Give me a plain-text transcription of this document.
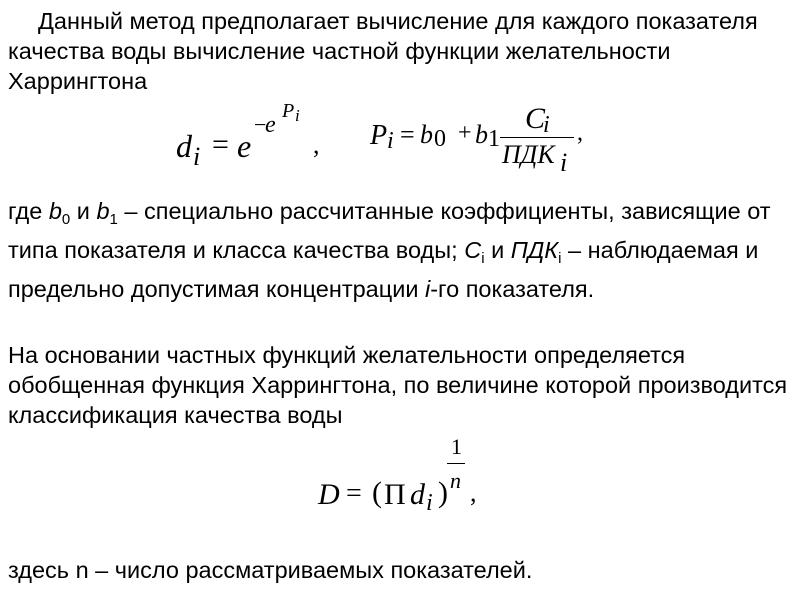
Данный метод предполагает вычисление для каждого показателя качества воды вычисление частной функции желательности Харрингтона

d i = e
−
e
P i
, P i = b 0 + b 1
C
i
ПДК i
,

где $b_0$ и $b_1$ – специально рассчитанные коэффициенты, зависящие от типа показателя и класса качества воды; $C_i$ и $ПДК_i$ – наблюдаемая и предельно допустимая концентрации i-го показателя.

На основании частных функций желательности определяется обобщенная функция Харрингтона, по величине которой производится классификация качества воды

D = ( Π d i )
1
n ,

здесь n – число рассматриваемых показателей.
